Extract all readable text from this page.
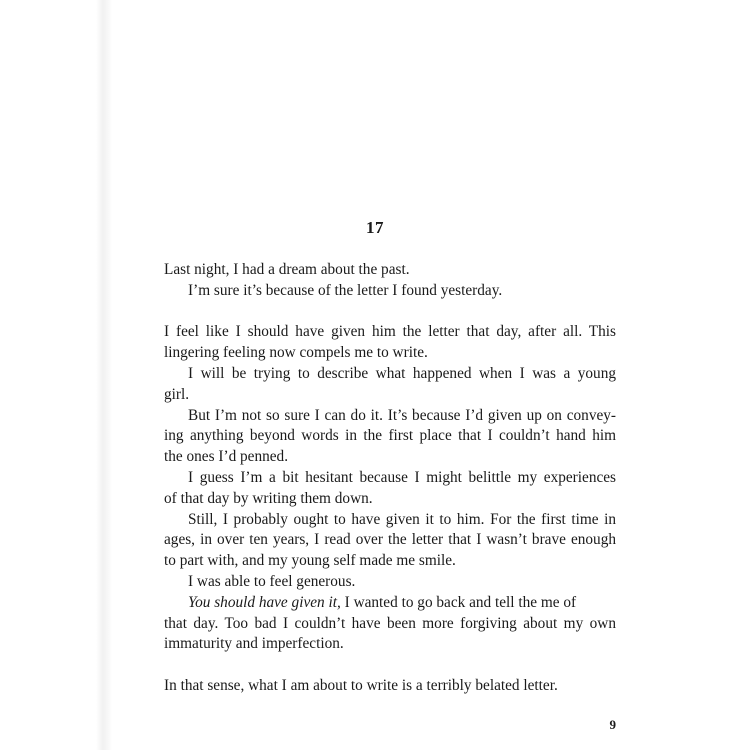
17
Last night, I had a dream about the past.
I’m sure it’s because of the letter I found yesterday.
I feel like I should have given him the letter that day, after all. This
lingering feeling now compels me to write.
I will be trying to describe what happened when I was a young
girl.
But I’m not so sure I can do it. It’s because I’d given up on convey-
ing anything beyond words in the first place that I couldn’t hand him
the ones I’d penned.
I guess I’m a bit hesitant because I might belittle my experiences
of that day by writing them down.
Still, I probably ought to have given it to him. For the first time in
ages, in over ten years, I read over the letter that I wasn’t brave enough
to part with, and my young self made me smile.
I was able to feel generous.
You should have given it, I wanted to go back and tell the me of
that day. Too bad I couldn’t have been more forgiving about my own
immaturity and imperfection.
In that sense, what I am about to write is a terribly belated letter.
9
